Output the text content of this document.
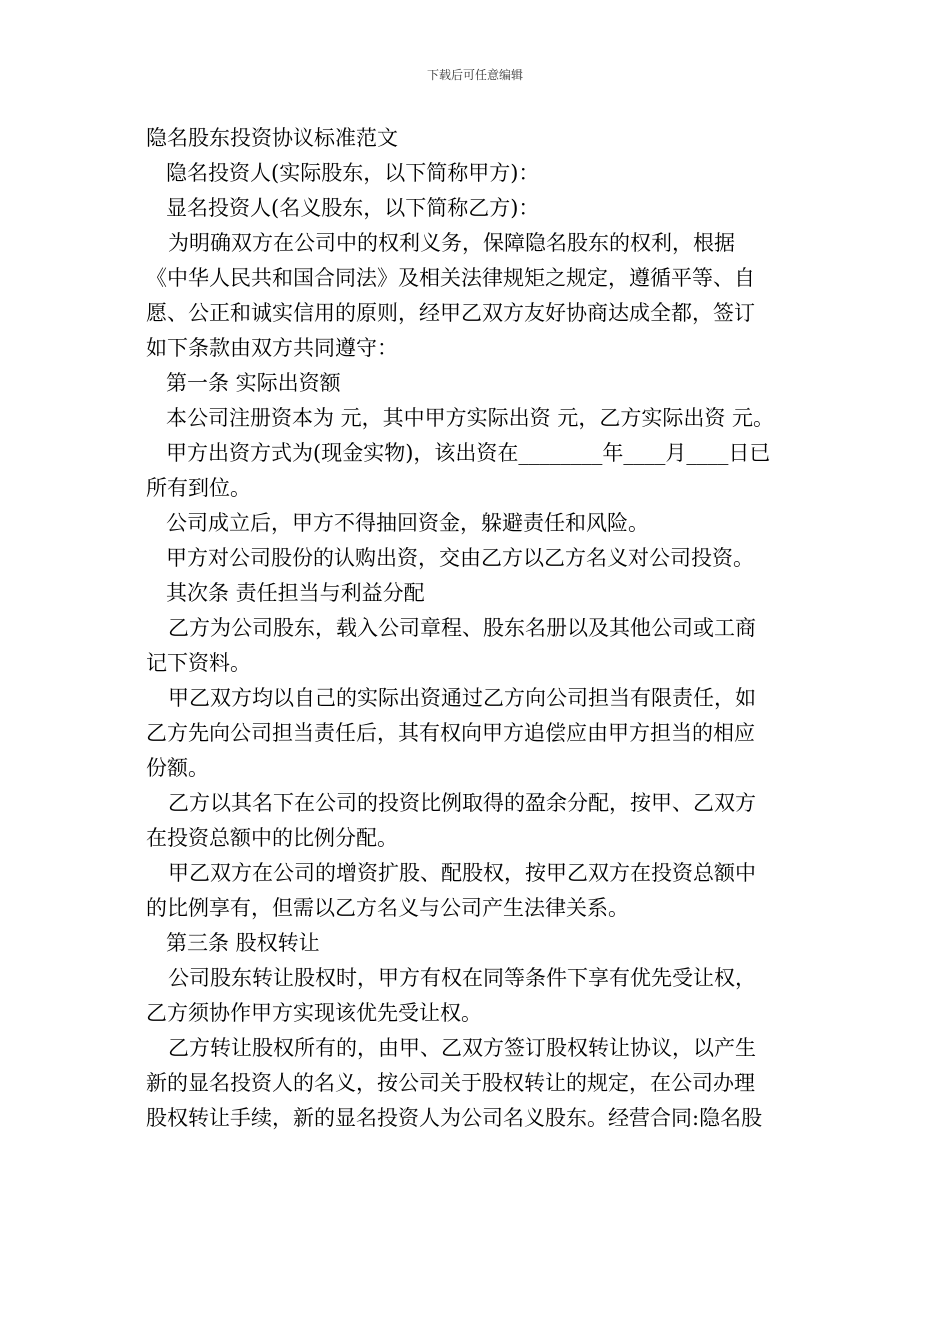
下载后可任意编辑
隐名股东投资协议标准范文
隐名投资人(实际股东，以下简称甲方)：
显名投资人(名义股东，以下简称乙方)：
为明确双方在公司中的权利义务，保障隐名股东的权利，根据
《中华人民共和国合同法》及相关法律规矩之规定，遵循平等、自
愿、公正和诚实信用的原则，经甲乙双方友好协商达成全都，签订
如下条款由双方共同遵守：
第一条 实际出资额
本公司注册资本为 元，其中甲方实际出资 元，乙方实际出资 元。
甲方出资方式为(现金实物)，该出资在________年____月____日已
所有到位。
公司成立后，甲方不得抽回资金，躲避责任和风险。
甲方对公司股份的认购出资，交由乙方以乙方名义对公司投资。
其次条 责任担当与利益分配
乙方为公司股东，载入公司章程、股东名册以及其他公司或工商
记下资料。
甲乙双方均以自己的实际出资通过乙方向公司担当有限责任，如
乙方先向公司担当责任后，其有权向甲方追偿应由甲方担当的相应
份额。
乙方以其名下在公司的投资比例取得的盈余分配，按甲、乙双方
在投资总额中的比例分配。
甲乙双方在公司的增资扩股、配股权，按甲乙双方在投资总额中
的比例享有，但需以乙方名义与公司产生法律关系。
第三条 股权转让
公司股东转让股权时，甲方有权在同等条件下享有优先受让权，
乙方须协作甲方实现该优先受让权。
乙方转让股权所有的，由甲、乙双方签订股权转让协议，以产生
新的显名投资人的名义，按公司关于股权转让的规定，在公司办理
股权转让手续，新的显名投资人为公司名义股东。经营合同:隐名股
